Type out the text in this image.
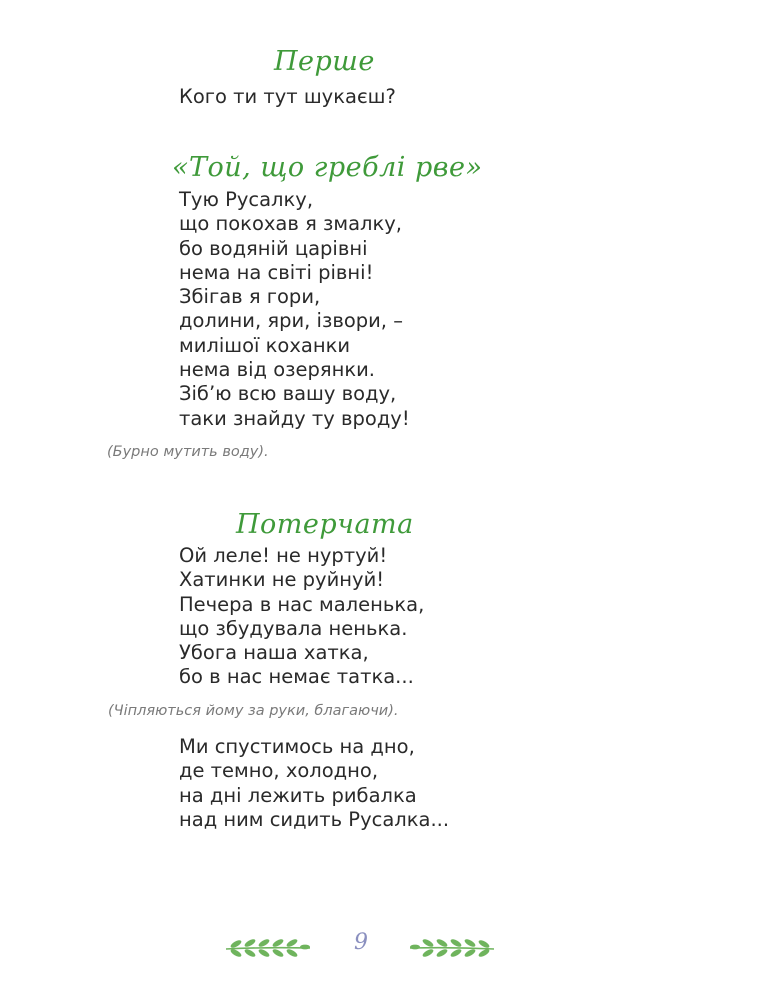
Перше
Кого ти тут шукаєш?
«Той, що греблі рве»
Тую Русалку,
що покохав я змалку,
бо водяній царівні
нема на світі рівні!
Збігав я гори,
долини, яри, ізвори, –
милішої коханки
нема від озерянки.
Зіб’ю всю вашу воду,
таки знайду ту вроду!
(Бурно мутить воду).
Потерчата
Ой леле! не нуртуй!
Хатинки не руйнуй!
Печера в нас маленька,
що збудувала ненька.
Убога наша хатка,
бо в нас немає татка...
(Чіпляються йому за руки, благаючи).
Ми спустимось на дно,
де темно, холодно,
на дні лежить рибалка
над ним сидить Русалка...
9
